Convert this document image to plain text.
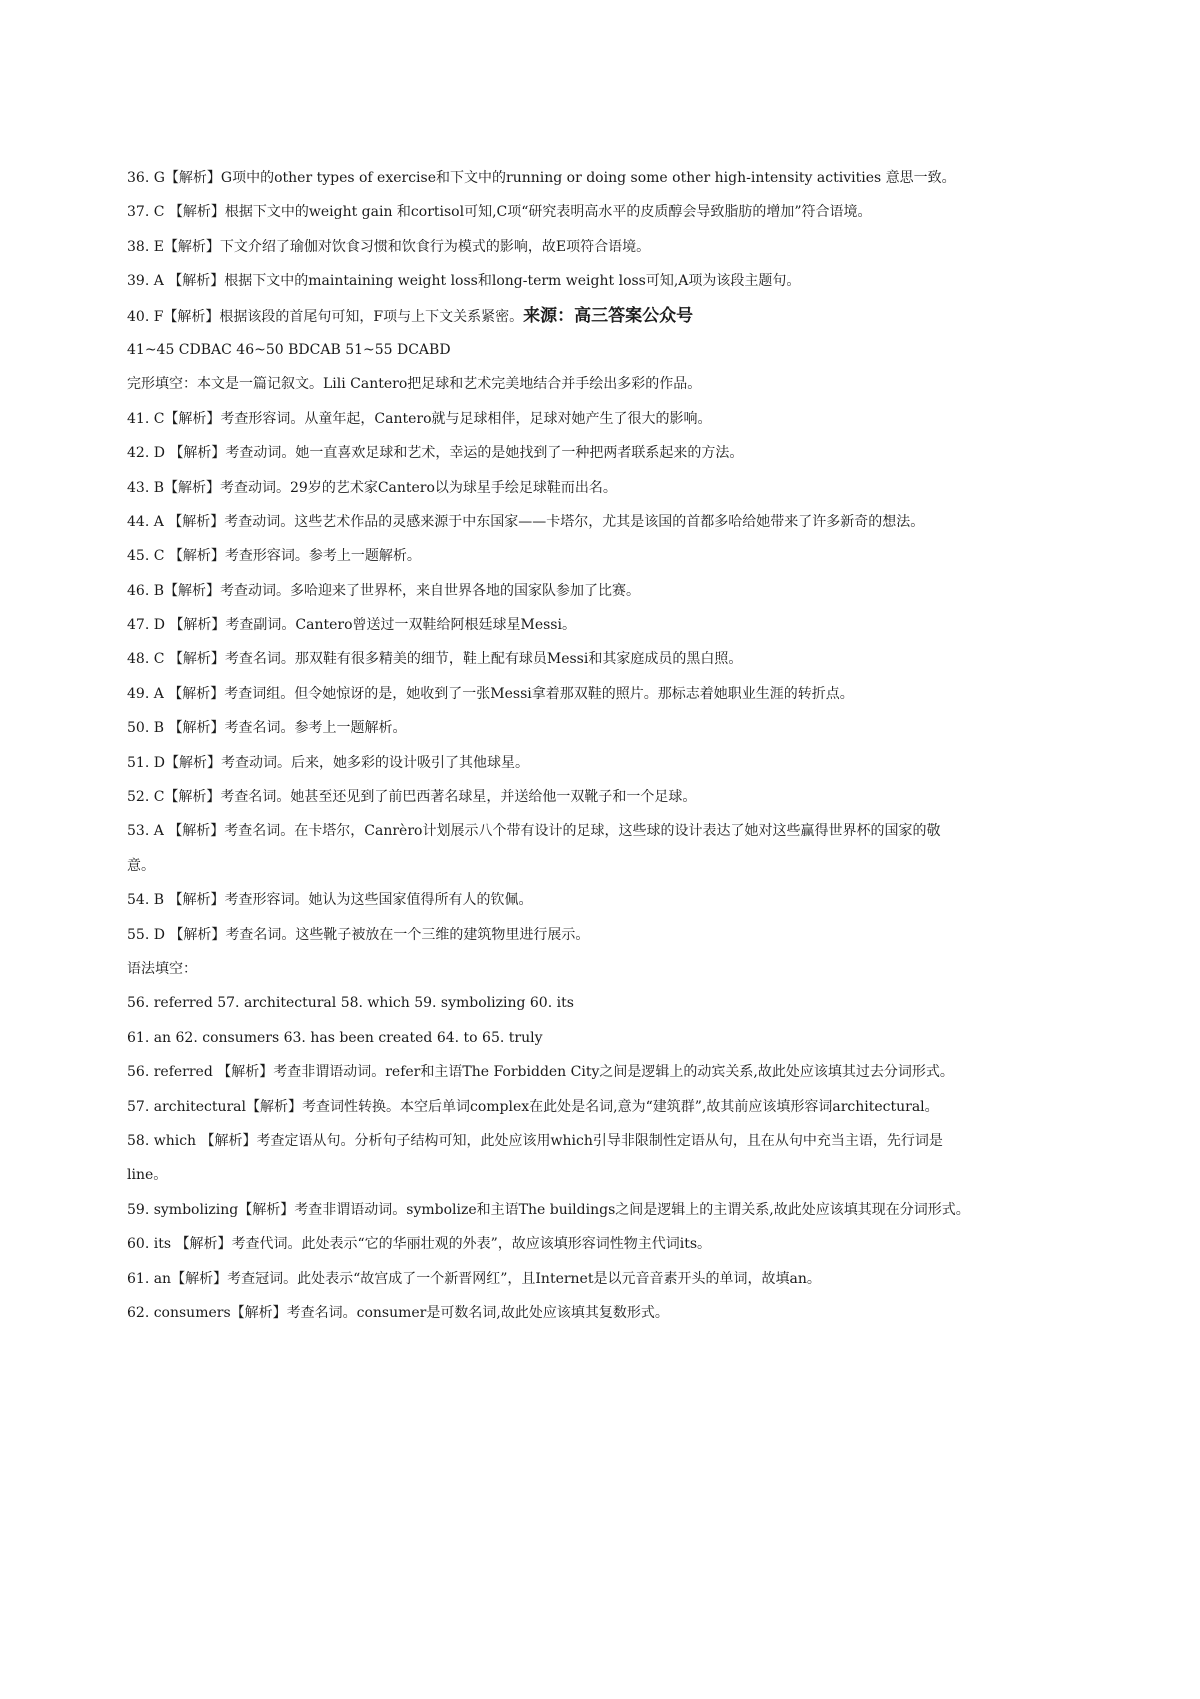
36. G【解析】G项中的other types of exercise和下文中的running or doing some other high-intensity activities 意思一致。
37. C 【解析】根据下文中的weight gain 和cortisol可知,C项“研究表明高水平的皮质醇会导致脂肪的增加”符合语境。
38. E【解析】下文介绍了瑜伽对饮食习惯和饮食行为模式的影响，故E项符合语境。
39. A 【解析】根据下文中的maintaining weight loss和long-term weight loss可知,A项为该段主题句。
40. F【解析】根据该段的首尾句可知，F项与上下文关系紧密。来源：高三答案公众号
41~45 CDBAC 46~50 BDCAB 51~55 DCABD
完形填空：本文是一篇记叙文。Lili Cantero把足球和艺术完美地结合并手绘出多彩的作品。
41. C【解析】考查形容词。从童年起，Cantero就与足球相伴，足球对她产生了很大的影响。
42. D 【解析】考查动词。她一直喜欢足球和艺术，幸运的是她找到了一种把两者联系起来的方法。
43. B【解析】考查动词。29岁的艺术家Cantero以为球星手绘足球鞋而出名。
44. A 【解析】考查动词。这些艺术作品的灵感来源于中东国家——卡塔尔，尤其是该国的首都多哈给她带来了许多新奇的想法。
45. C 【解析】考查形容词。参考上一题解析。
46. B【解析】考查动词。多哈迎来了世界杯，来自世界各地的国家队参加了比赛。
47. D 【解析】考查副词。Cantero曾送过一双鞋给阿根廷球星Messi。
48. C 【解析】考查名词。那双鞋有很多精美的细节，鞋上配有球员Messi和其家庭成员的黑白照。
49. A 【解析】考查词组。但令她惊讶的是，她收到了一张Messi拿着那双鞋的照片。那标志着她职业生涯的转折点。
50. B 【解析】考查名词。参考上一题解析。
51. D【解析】考查动词。后来，她多彩的设计吸引了其他球星。
52. C【解析】考查名词。她甚至还见到了前巴西著名球星，并送给他一双靴子和一个足球。
53. A 【解析】考查名词。在卡塔尔，Canrèro计划展示八个带有设计的足球，这些球的设计表达了她对这些赢得世界杯的国家的敬
意。
54. B 【解析】考查形容词。她认为这些国家值得所有人的钦佩。
55. D 【解析】考查名词。这些靴子被放在一个三维的建筑物里进行展示。
语法填空：
56. referred 57. architectural 58. which 59. symbolizing 60. its
61. an 62. consumers 63. has been created 64. to 65. truly
56. referred 【解析】考查非谓语动词。refer和主语The Forbidden City之间是逻辑上的动宾关系,故此处应该填其过去分词形式。
57. architectural【解析】考查词性转换。本空后单词complex在此处是名词,意为“建筑群”,故其前应该填形容词architectural。
58. which 【解析】考查定语从句。分析句子结构可知，此处应该用which引导非限制性定语从句，且在从句中充当主语，先行词是
line。
59. symbolizing【解析】考查非谓语动词。symbolize和主语The buildings之间是逻辑上的主谓关系,故此处应该填其现在分词形式。
60. its 【解析】考查代词。此处表示“它的华丽壮观的外表”，故应该填形容词性物主代词its。
61. an【解析】考查冠词。此处表示“故宫成了一个新晋网红”，且Internet是以元音音素开头的单词，故填an。
62. consumers【解析】考查名词。consumer是可数名词,故此处应该填其复数形式。
